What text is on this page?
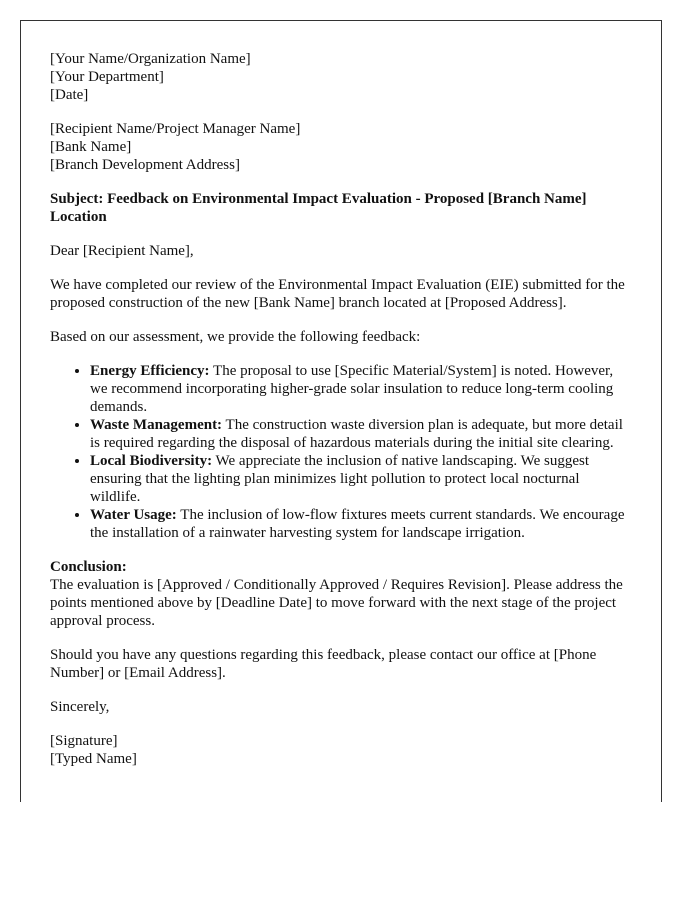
[Your Name/Organization Name]
[Your Department]
[Date]

[Recipient Name/Project Manager Name]
[Bank Name]
[Branch Development Address]

Subject: Feedback on Environmental Impact Evaluation - Proposed [Branch Name] Location

Dear [Recipient Name],

We have completed our review of the Environmental Impact Evaluation (EIE) submitted for the proposed construction of the new [Bank Name] branch located at [Proposed Address].

Based on our assessment, we provide the following feedback:

• Energy Efficiency: The proposal to use [Specific Material/System] is noted. However, we recommend incorporating higher-grade solar insulation to reduce long-term cooling demands.
• Waste Management: The construction waste diversion plan is adequate, but more detail is required regarding the disposal of hazardous materials during the initial site clearing.
• Local Biodiversity: We appreciate the inclusion of native landscaping. We suggest ensuring that the lighting plan minimizes light pollution to protect local nocturnal wildlife.
• Water Usage: The inclusion of low-flow fixtures meets current standards. We encourage the installation of a rainwater harvesting system for landscape irrigation.

Conclusion:
The evaluation is [Approved / Conditionally Approved / Requires Revision]. Please address the points mentioned above by [Deadline Date] to move forward with the next stage of the project approval process.

Should you have any questions regarding this feedback, please contact our office at [Phone Number] or [Email Address].

Sincerely,

[Signature]
[Typed Name]
